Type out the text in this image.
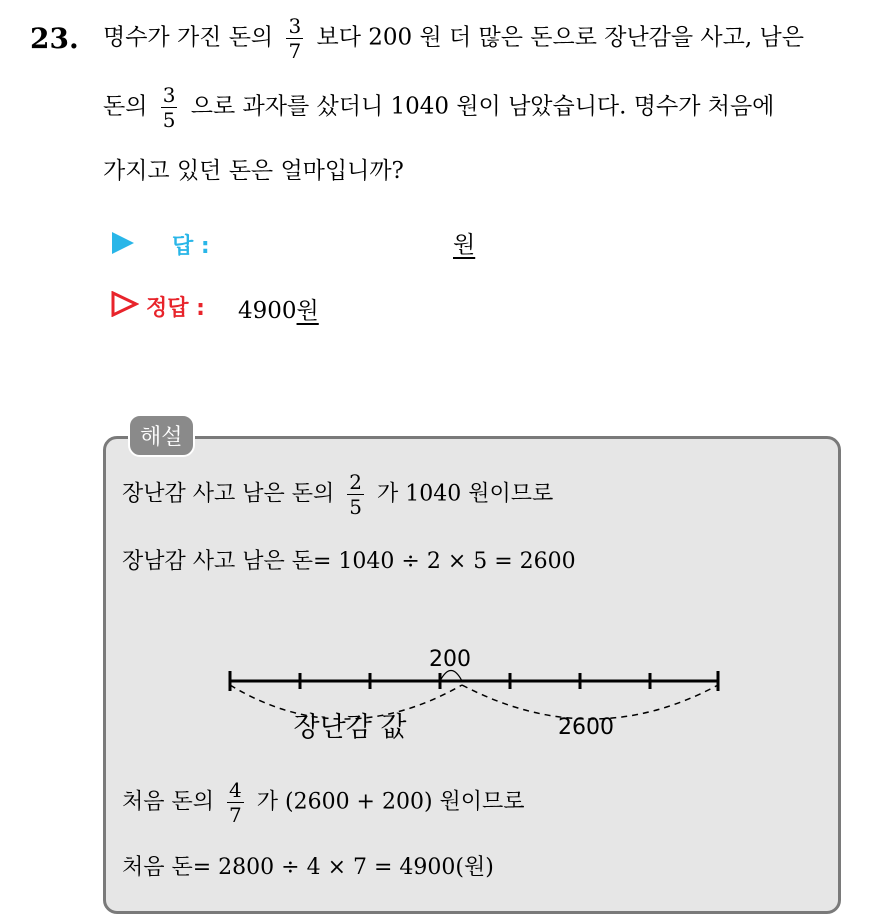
23. 명수가 가진 돈의 $\frac{3}{7}$ 보다 200 원 더 많은 돈으로 장난감을 사고, 남은
돈의 $\frac{3}{5}$ 으로 과자를 샀더니 1040 원이 남았습니다. 명수가 처음에
가지고 있던 돈은 얼마입니까?
답 :	원
정답 : 4900원
해설
장난감 사고 남은 돈의 $\frac{2}{5}$ 가 1040 원이므로
장남감 사고 남은 돈= 1040 ÷ 2 × 5 = 2600
200
장난감 값	2600
처음 돈의 $\frac{4}{7}$ 가 (2600 + 200) 원이므로
처음 돈= 2800 ÷ 4 × 7 = 4900(원)
